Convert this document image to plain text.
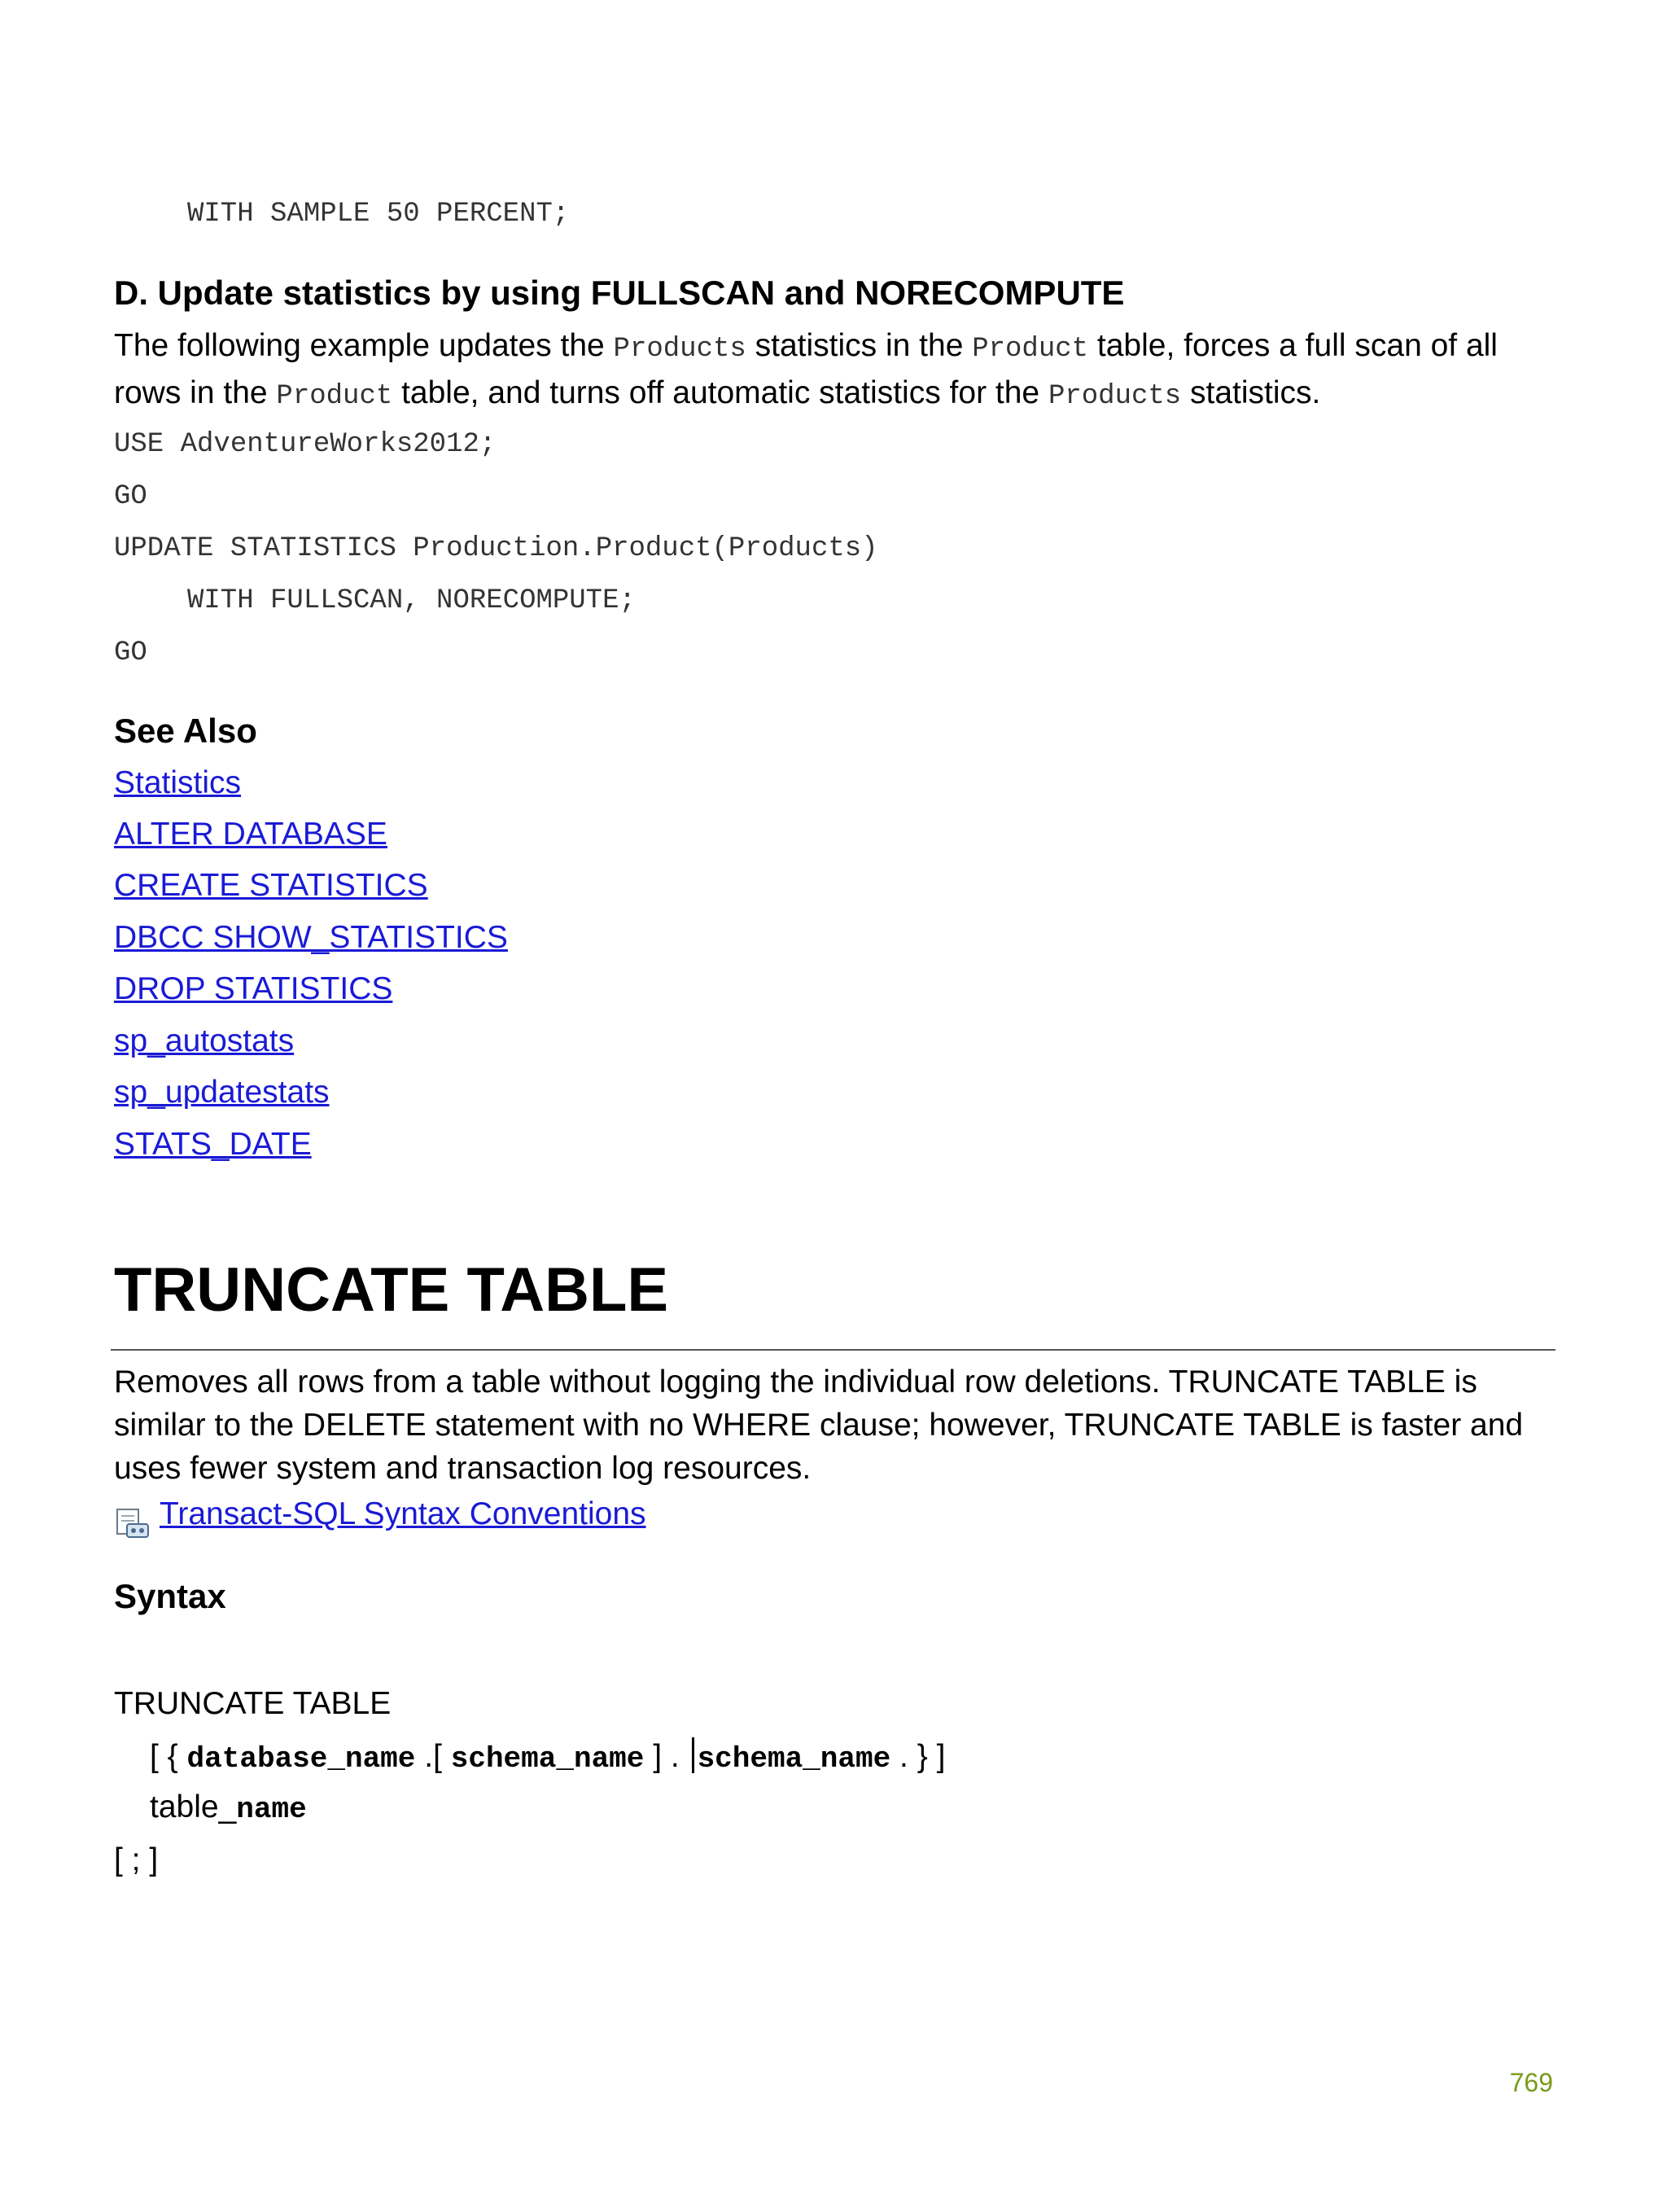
WITH SAMPLE 50 PERCENT;
D. Update statistics by using FULLSCAN and NORECOMPUTE
The following example updates the Products statistics in the Product table, forces a full scan of all rows in the Product table, and turns off automatic statistics for the Products statistics.
USE AdventureWorks2012;
GO
UPDATE STATISTICS Production.Product(Products)
WITH FULLSCAN, NORECOMPUTE;
GO
See Also
Statistics
ALTER DATABASE
CREATE STATISTICS
DBCC SHOW_STATISTICS
DROP STATISTICS
sp_autostats
sp_updatestats
STATS_DATE
TRUNCATE TABLE
Removes all rows from a table without logging the individual row deletions. TRUNCATE TABLE is similar to the DELETE statement with no WHERE clause; however, TRUNCATE TABLE is faster and uses fewer system and transaction log resources.
Transact-SQL Syntax Conventions
Syntax
TRUNCATE TABLE
[ { database_name .[ schema_name ] . schema_name . } ]
table_name
[ ; ]
769
